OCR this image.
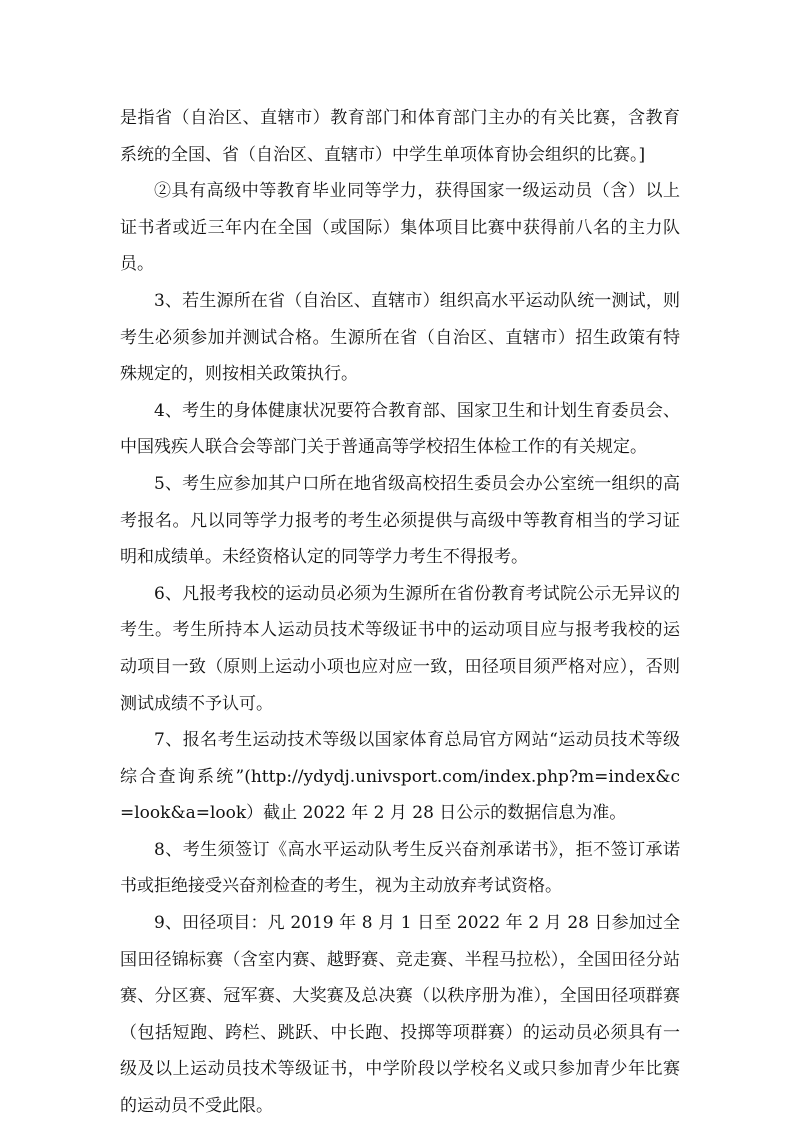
是指省（自治区、直辖市）教育部门和体育部门主办的有关比赛，含教育系统的全国、省（自治区、直辖市）中学生单项体育协会组织的比赛。]

②具有高级中等教育毕业同等学力，获得国家一级运动员（含）以上证书者或近三年内在全国（或国际）集体项目比赛中获得前八名的主力队员。

3、若生源所在省（自治区、直辖市）组织高水平运动队统一测试，则考生必须参加并测试合格。生源所在省（自治区、直辖市）招生政策有特殊规定的，则按相关政策执行。

4、考生的身体健康状况要符合教育部、国家卫生和计划生育委员会、中国残疾人联合会等部门关于普通高等学校招生体检工作的有关规定。

5、考生应参加其户口所在地省级高校招生委员会办公室统一组织的高考报名。凡以同等学力报考的考生必须提供与高级中等教育相当的学习证明和成绩单。未经资格认定的同等学力考生不得报考。

6、凡报考我校的运动员必须为生源所在省份教育考试院公示无异议的考生。考生所持本人运动员技术等级证书中的运动项目应与报考我校的运动项目一致（原则上运动小项也应对应一致，田径项目须严格对应），否则测试成绩不予认可。

7、报名考生运动技术等级以国家体育总局官方网站“运动员技术等级综合查询系统”(http://ydydj.univsport.com/index.php?m=index&c=look&a=look）截止 2022 年 2 月 28 日公示的数据信息为准。

8、考生须签订《高水平运动队考生反兴奋剂承诺书》，拒不签订承诺书或拒绝接受兴奋剂检查的考生，视为主动放弃考试资格。

9、田径项目：凡 2019 年 8 月 1 日至 2022 年 2 月 28 日参加过全国田径锦标赛（含室内赛、越野赛、竞走赛、半程马拉松），全国田径分站赛、分区赛、冠军赛、大奖赛及总决赛（以秩序册为准），全国田径项群赛（包括短跑、跨栏、跳跃、中长跑、投掷等项群赛）的运动员必须具有一级及以上运动员技术等级证书，中学阶段以学校名义或只参加青少年比赛的运动员不受此限。
